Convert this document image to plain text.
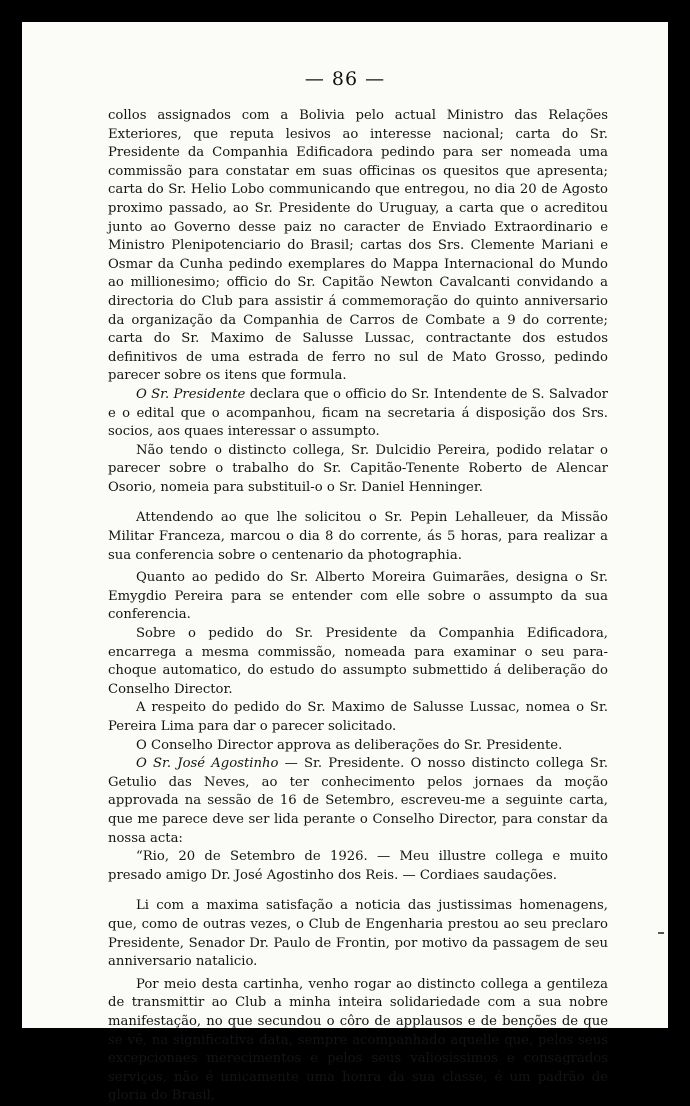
— 86 —

collos assignados com a Bolivia pelo actual Ministro das Relações Exteriores, que reputa lesivos ao interesse nacional; carta do Sr. Presidente da Companhia Edificadora pedindo para ser nomeada uma commissão para constatar em suas officinas os quesitos que apresenta; carta do Sr. Helio Lobo communicando que entregou, no dia 20 de Agosto proximo passado, ao Sr. Presidente do Uruguay, a carta que o acreditou junto ao Governo desse paiz no caracter de Enviado Extraordinario e Ministro Plenipotenciario do Brasil; cartas dos Srs. Clemente Mariani e Osmar da Cunha pedindo exemplares do Mappa Internacional do Mundo ao millionesimo; officio do Sr. Capitão Newton Cavalcanti convidando a directoria do Club para assistir á commemoração do quinto anniversario da organização da Companhia de Carros de Combate a 9 do corrente; carta do Sr. Maximo de Salusse Lussac, contractante dos estudos definitivos de uma estrada de ferro no sul de Mato Grosso, pedindo parecer sobre os itens que formula.

O Sr. Presidente declara que o officio do Sr. Intendente de S. Salvador e o edital que o acompanhou, ficam na secretaria á disposição dos Srs. socios, aos quaes interessar o assumpto.

Não tendo o distincto collega, Sr. Dulcidio Pereira, podido relatar o parecer sobre o trabalho do Sr. Capitão-Tenente Roberto de Alencar Osorio, nomeia para substituil-o o Sr. Daniel Henninger.

Attendendo ao que lhe solicitou o Sr. Pepin Lehalleuer, da Missão Militar Franceza, marcou o dia 8 do corrente, ás 5 horas, para realizar a sua conferencia sobre o centenario da photographia.

Quanto ao pedido do Sr. Alberto Moreira Guimarães, designa o Sr. Emygdio Pereira para se entender com elle sobre o assumpto da sua conferencia.

Sobre o pedido do Sr. Presidente da Companhia Edificadora, encarrega a mesma commissão, nomeada para examinar o seu para-choque automatico, do estudo do assumpto submettido á deliberação do Conselho Director.

A respeito do pedido do Sr. Maximo de Salusse Lussac, nomea o Sr. Pereira Lima para dar o parecer solicitado.

O Conselho Director approva as deliberações do Sr. Presidente.

O Sr. José Agostinho — Sr. Presidente. O nosso distincto collega Sr. Getulio das Neves, ao ter conhecimento pelos jornaes da moção approvada na sessão de 16 de Setembro, escreveu-me a seguinte carta, que me parece deve ser lida perante o Conselho Director, para constar da nossa acta:

“Rio, 20 de Setembro de 1926. — Meu illustre collega e muito presado amigo Dr. José Agostinho dos Reis. — Cordiaes saudações.

Li com a maxima satisfação a noticia das justissimas homenagens, que, como de outras vezes, o Club de Engenharia prestou ao seu preclaro Presidente, Senador Dr. Paulo de Frontin, por motivo da passagem de seu anniversario natalicio.

Por meio desta cartinha, venho rogar ao distincto collega a gentileza de transmittir ao Club a minha inteira solidariedade com a sua nobre manifestação, no que secundou o côro de applausos e de benções de que se vê, na significativa data, sempre acompanhado aquelle que, pelos seus excepcionaes merecimentos e pelos seus valiosissimos e consagrados serviços, não é unicamente uma honra da sua classe, é um padrão de gloria do Brasil,
